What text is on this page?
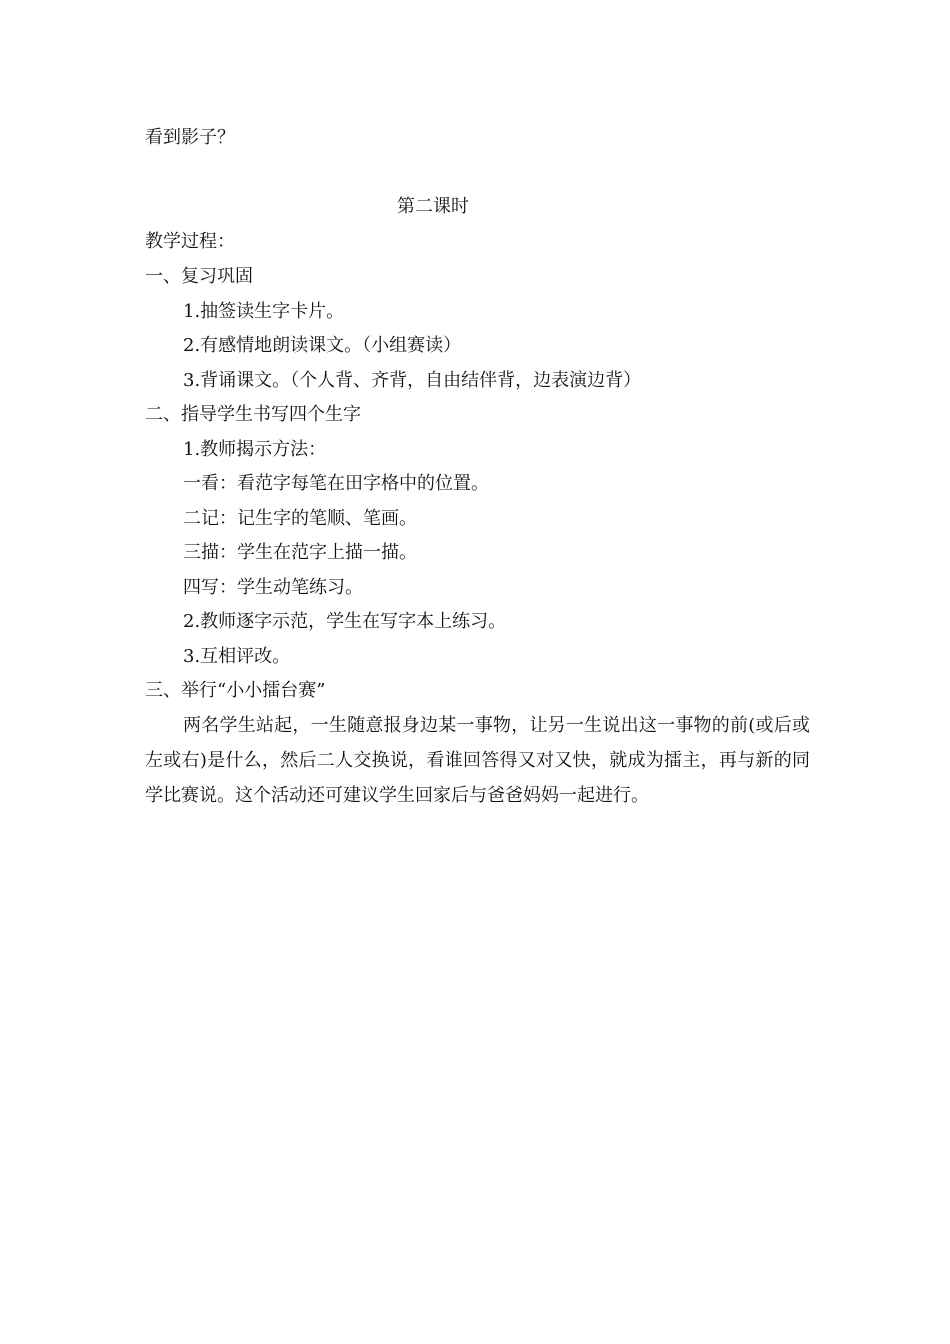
看到影子？
第二课时
教学过程：
一、复习巩固
1.抽签读生字卡片。
2.有感情地朗读课文。（小组赛读）
3.背诵课文。（个人背、齐背，自由结伴背，边表演边背）
二、指导学生书写四个生字
1.教师揭示方法：
一看：看范字每笔在田字格中的位置。
二记：记生字的笔顺、笔画。
三描：学生在范字上描一描。
四写：学生动笔练习。
2.教师逐字示范，学生在写字本上练习。
3.互相评改。
三、举行“小小擂台赛”
两名学生站起，一生随意报身边某一事物，让另一生说出这一事物的前(或后或左或右)是什么，然后二人交换说，看谁回答得又对又快，就成为擂主，再与新的同学比赛说。这个活动还可建议学生回家后与爸爸妈妈一起进行。
